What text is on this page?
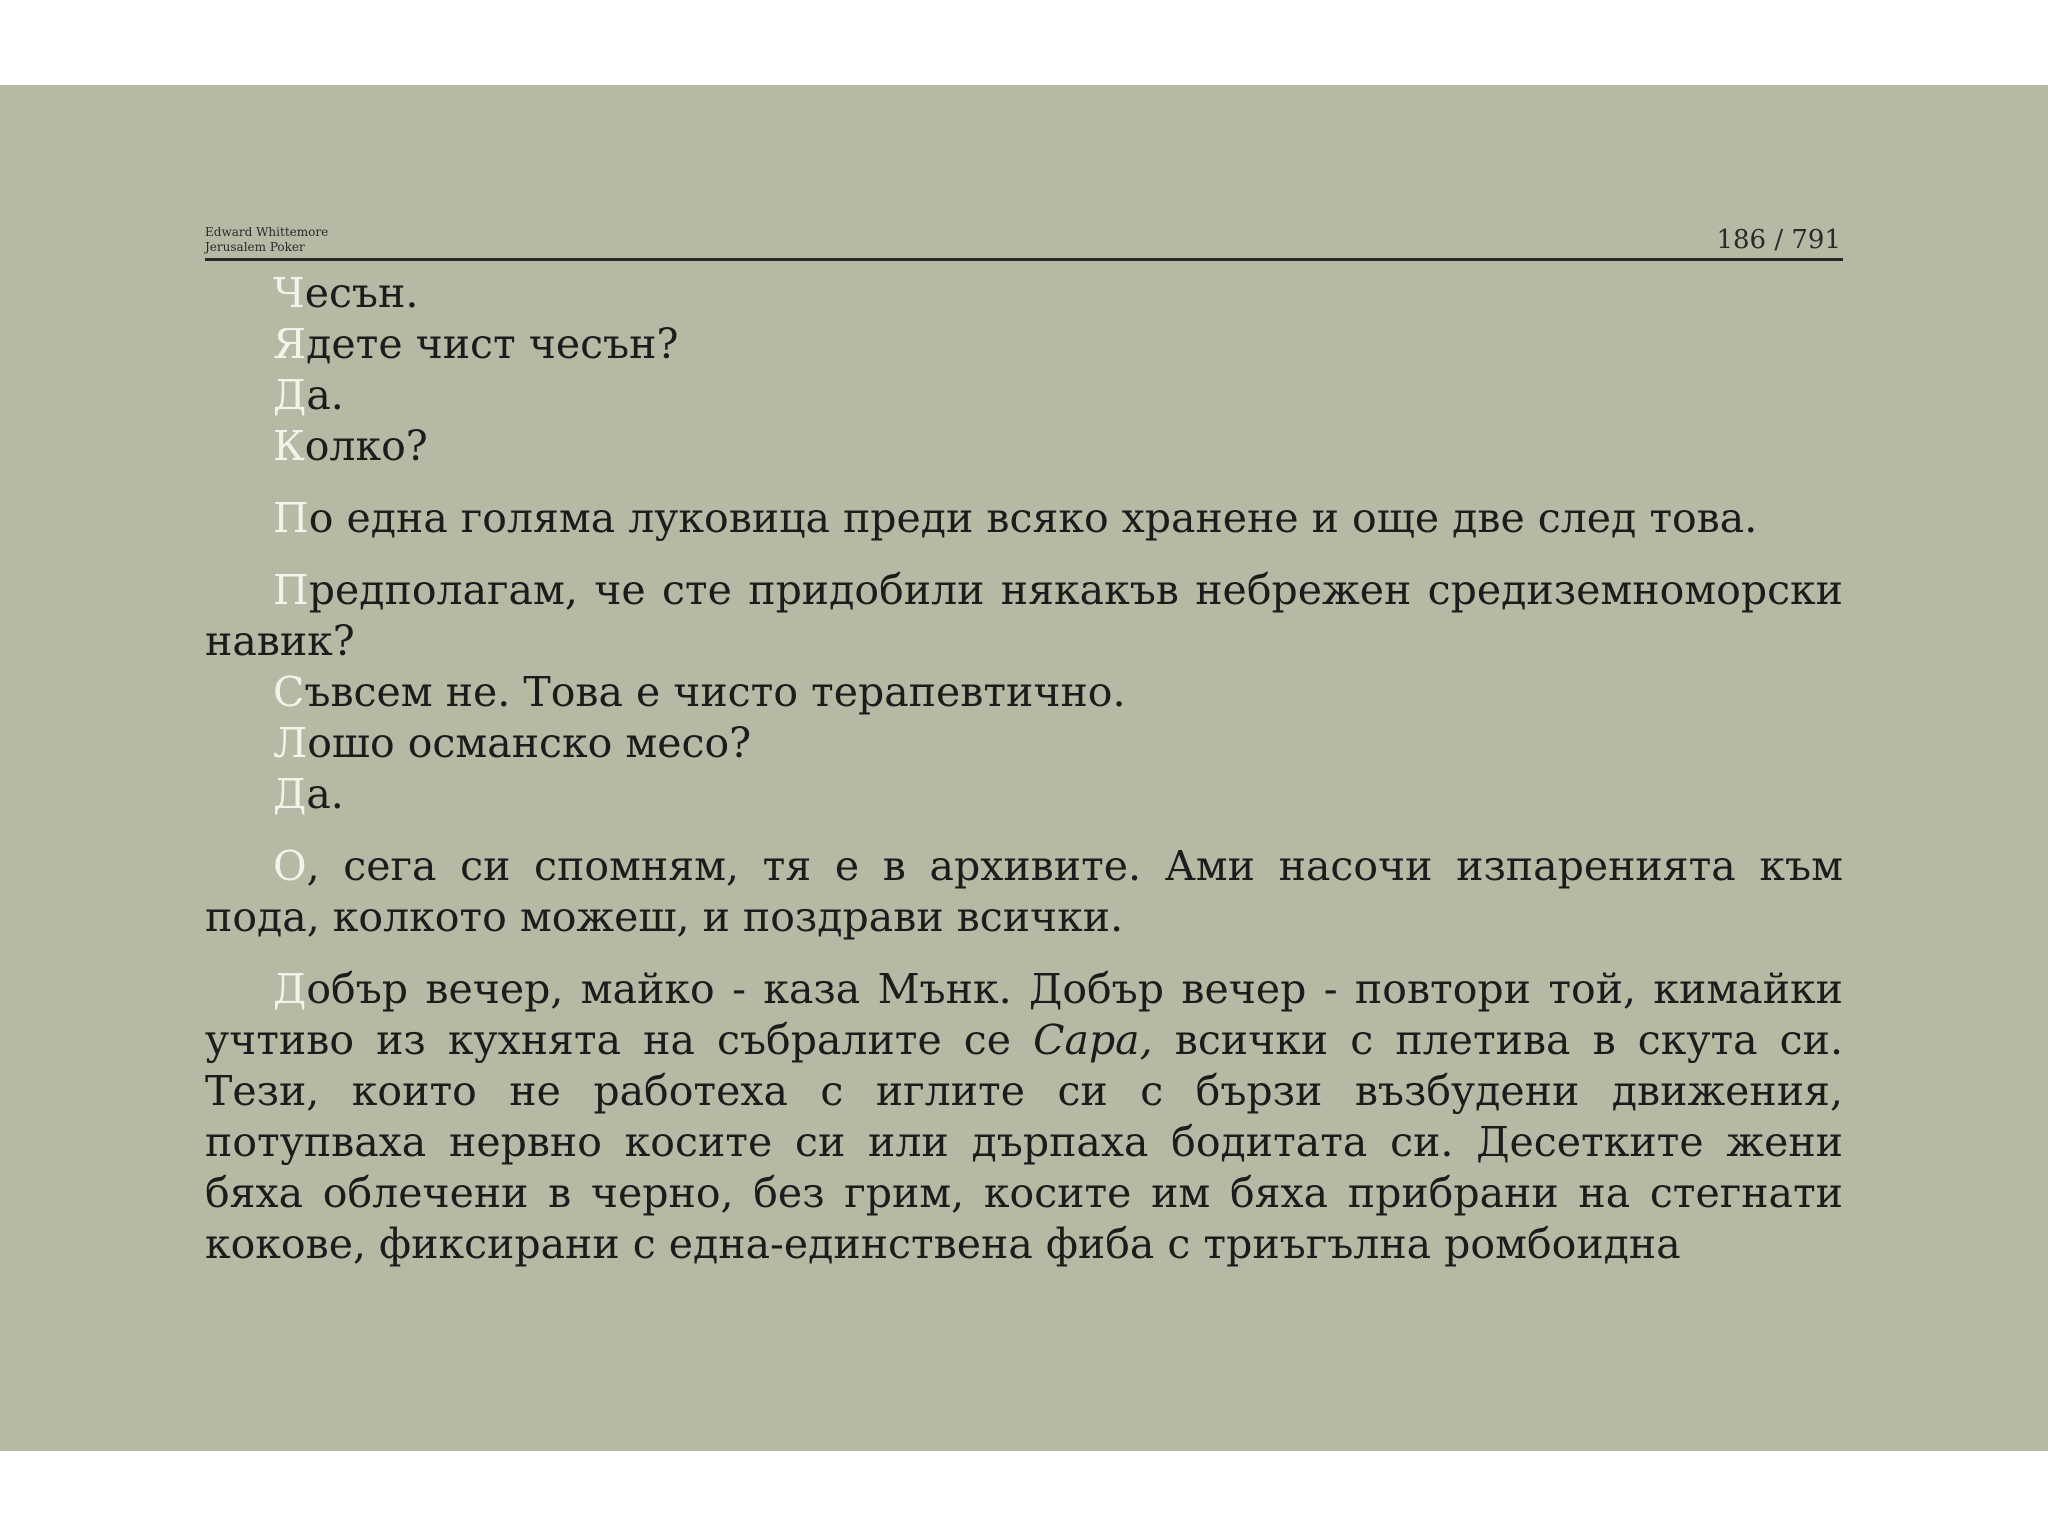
Edward Whittemore
Jerusalem Poker	186 / 791

Чесън.

Ядете чист чесън?

Да.

Колко?

По една голяма луковица преди всяко хранене и още две след това.

Предполагам, че сте придобили някакъв небрежен средиземноморски навик?

Съвсем не. Това е чисто терапевтично.

Лошо османско месо?

Да.

О, сега си спомням, тя е в архивите. Ами насочи изпаренията към пода, колкото можеш, и поздрави всички.

Добър вечер, майко - каза Мънк. Добър вечер - повтори той, кимайки учтиво из кухнята на събралите се Сара, всички с плетива в скута си. Тези, които не работеха с иглите си с бързи възбудени движения, потупваха нервно косите си или дърпаха бодитата си. Десетките жени бяха облечени в черно, без грим, косите им бяха прибрани на стегнати кокове, фиксирани с една-единствена фиба с триъгълна ромбоидна
